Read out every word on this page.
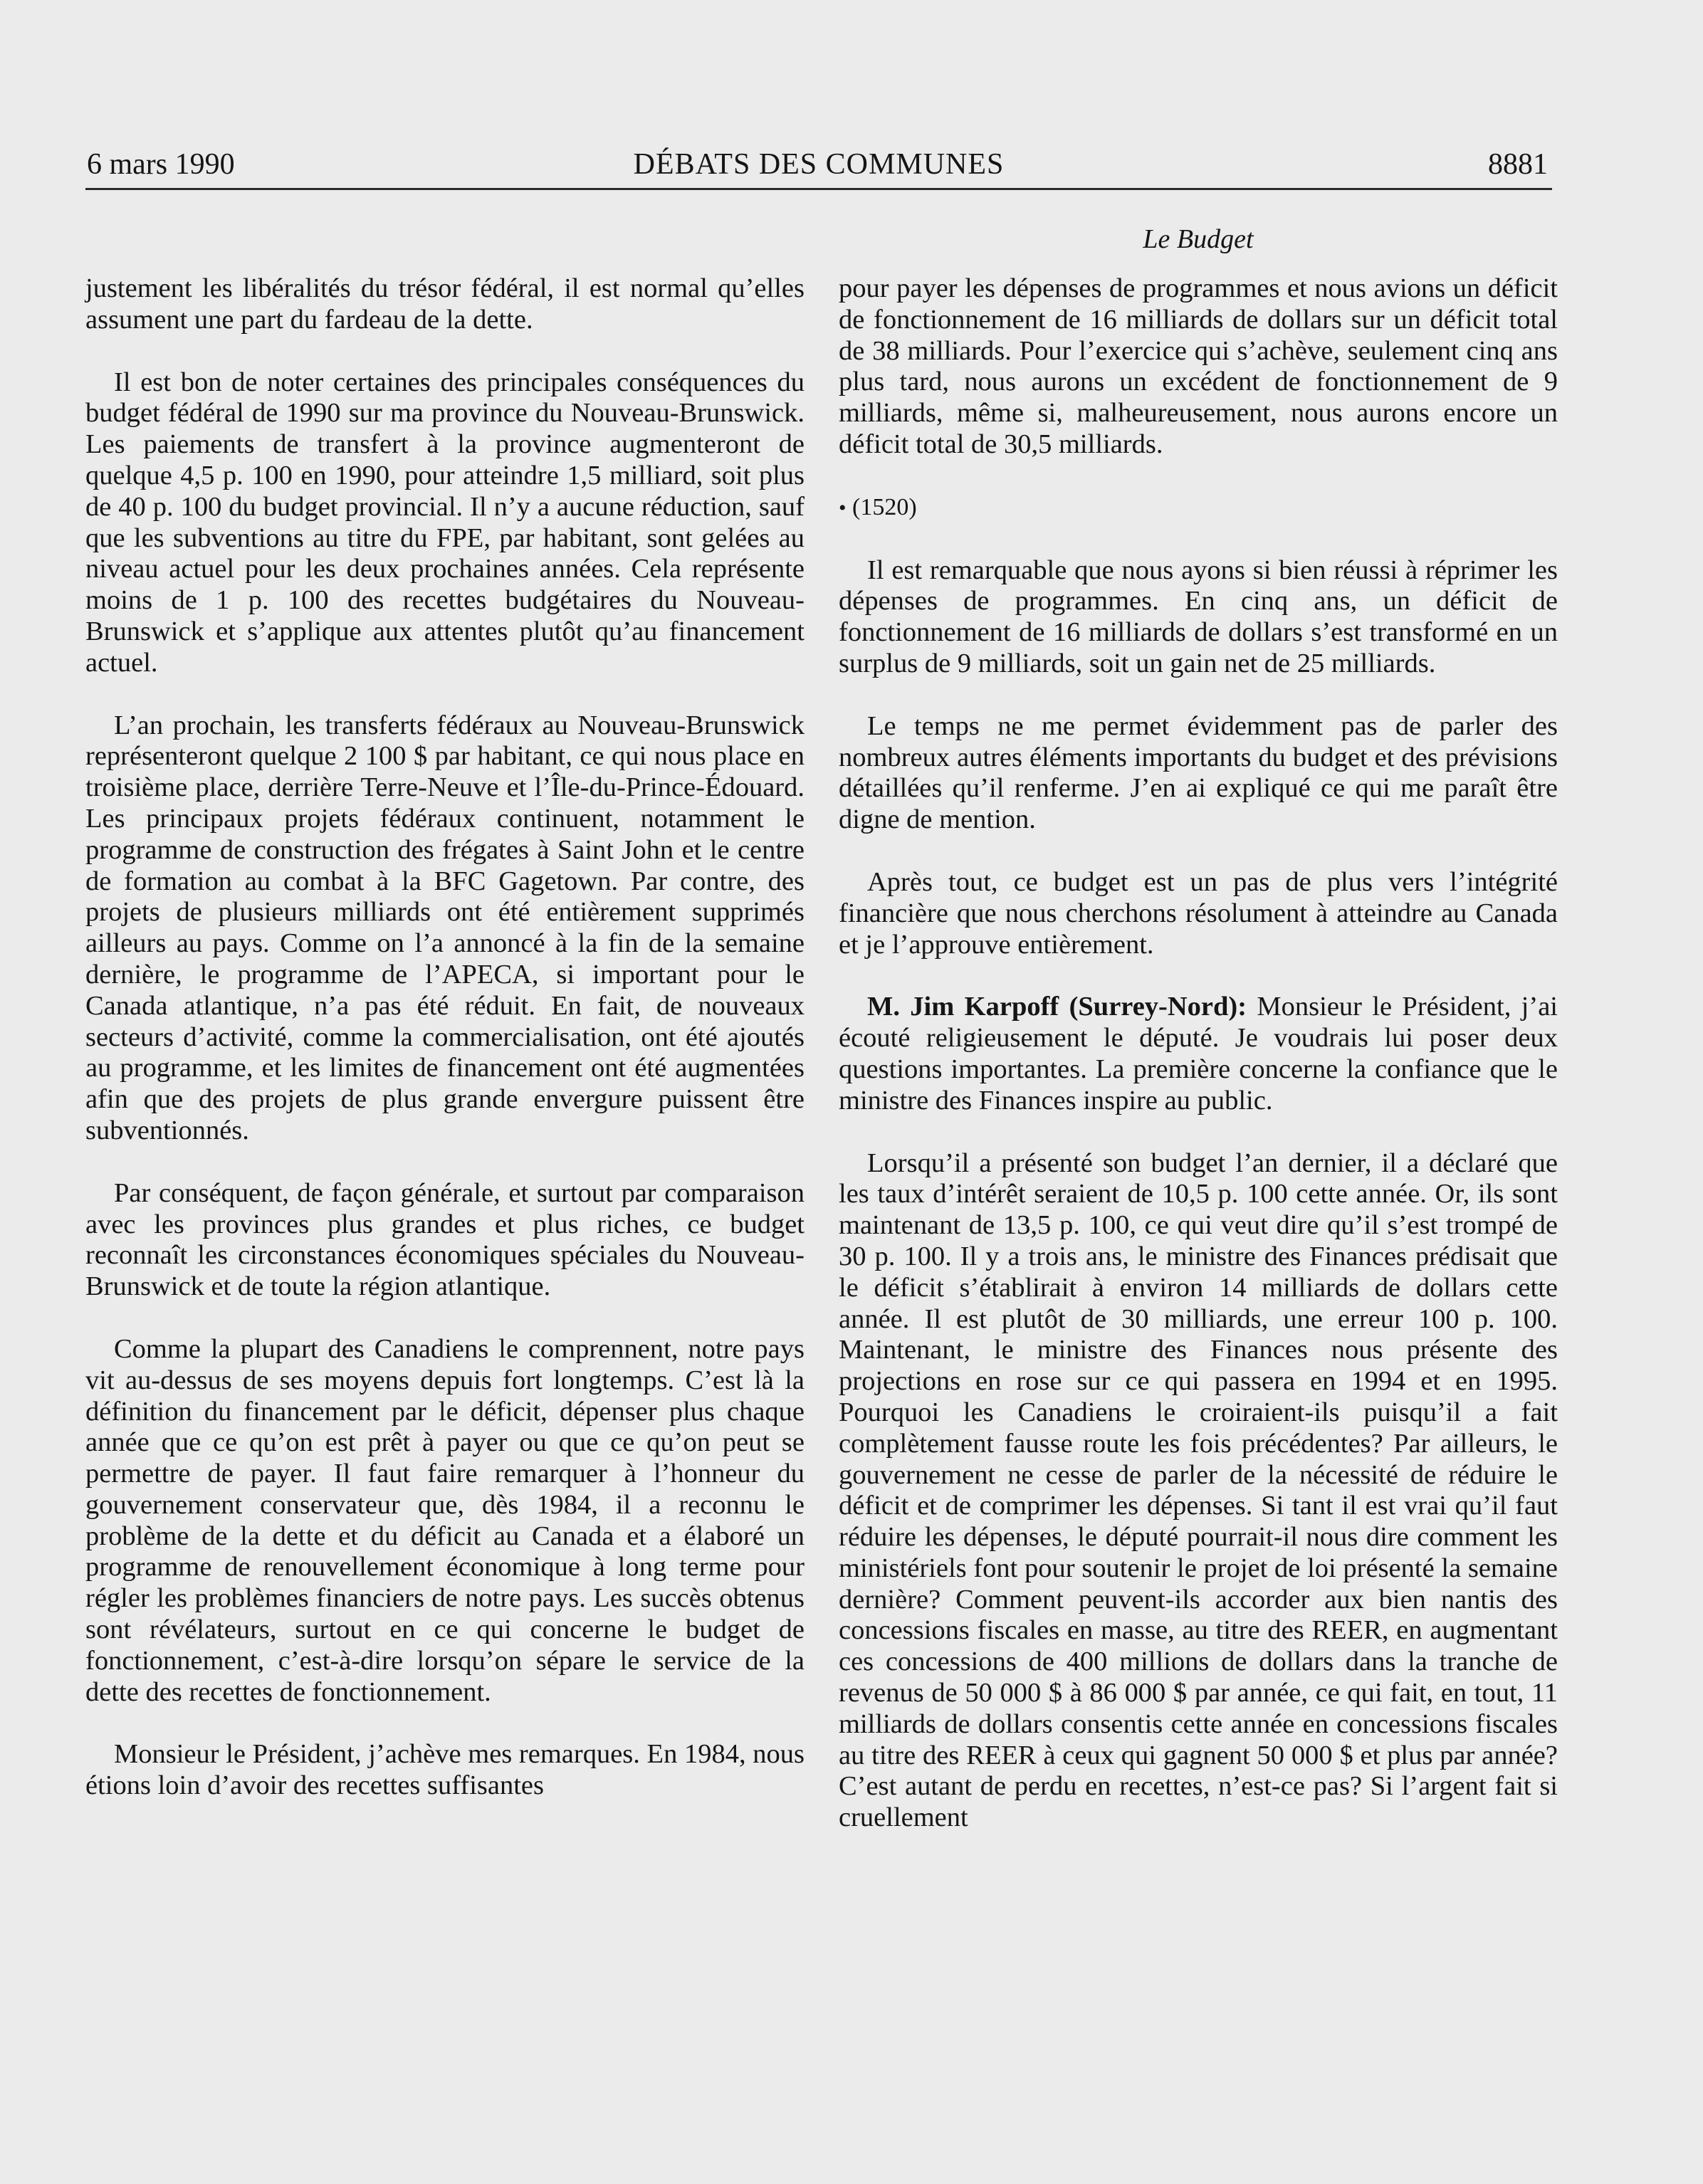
6 mars 1990	DÉBATS DES COMMUNES	8881
Le Budget

justement les libéralités du trésor fédéral, il est normal qu’elles assument une part du fardeau de la dette.

Il est bon de noter certaines des principales conséquences du budget fédéral de 1990 sur ma province du Nouveau-Brunswick. Les paiements de transfert à la province augmenteront de quelque 4,5 p. 100 en 1990, pour atteindre 1,5 milliard, soit plus de 40 p. 100 du budget provincial. Il n’y a aucune réduction, sauf que les subventions au titre du FPE, par habitant, sont gelées au niveau actuel pour les deux prochaines années. Cela représente moins de 1 p. 100 des recettes budgétaires du Nouveau-Brunswick et s’applique aux attentes plutôt qu’au financement actuel.

L’an prochain, les transferts fédéraux au Nouveau-Brunswick représenteront quelque 2 100 $ par habitant, ce qui nous place en troisième place, derrière Terre-Neuve et l’Île-du-Prince-Édouard. Les principaux projets fédéraux continuent, notamment le programme de construction des frégates à Saint John et le centre de formation au combat à la BFC Gagetown. Par contre, des projets de plusieurs milliards ont été entièrement supprimés ailleurs au pays. Comme on l’a annoncé à la fin de la semaine dernière, le programme de l’APECA, si important pour le Canada atlantique, n’a pas été réduit. En fait, de nouveaux secteurs d’activité, comme la commercialisation, ont été ajoutés au programme, et les limites de financement ont été augmentées afin que des projets de plus grande envergure puissent être subventionnés.

Par conséquent, de façon générale, et surtout par comparaison avec les provinces plus grandes et plus riches, ce budget reconnaît les circonstances économiques spéciales du Nouveau-Brunswick et de toute la région atlantique.

Comme la plupart des Canadiens le comprennent, notre pays vit au-dessus de ses moyens depuis fort longtemps. C’est là la définition du financement par le déficit, dépenser plus chaque année que ce qu’on est prêt à payer ou que ce qu’on peut se permettre de payer. Il faut faire remarquer à l’honneur du gouvernement conservateur que, dès 1984, il a reconnu le problème de la dette et du déficit au Canada et a élaboré un programme de renouvellement économique à long terme pour régler les problèmes financiers de notre pays. Les succès obtenus sont révélateurs, surtout en ce qui concerne le budget de fonctionnement, c’est-à-dire lorsqu’on sépare le service de la dette des recettes de fonctionnement.

Monsieur le Président, j’achève mes remarques. En 1984, nous étions loin d’avoir des recettes suffisantes

pour payer les dépenses de programmes et nous avions un déficit de fonctionnement de 16 milliards de dollars sur un déficit total de 38 milliards. Pour l’exercice qui s’achève, seulement cinq ans plus tard, nous aurons un excédent de fonctionnement de 9 milliards, même si, malheureusement, nous aurons encore un déficit total de 30,5 milliards.

• (1520)

Il est remarquable que nous ayons si bien réussi à réprimer les dépenses de programmes. En cinq ans, un déficit de fonctionnement de 16 milliards de dollars s’est transformé en un surplus de 9 milliards, soit un gain net de 25 milliards.

Le temps ne me permet évidemment pas de parler des nombreux autres éléments importants du budget et des prévisions détaillées qu’il renferme. J’en ai expliqué ce qui me paraît être digne de mention.

Après tout, ce budget est un pas de plus vers l’intégrité financière que nous cherchons résolument à atteindre au Canada et je l’approuve entièrement.

M. Jim Karpoff (Surrey-Nord): Monsieur le Président, j’ai écouté religieusement le député. Je voudrais lui poser deux questions importantes. La première concerne la confiance que le ministre des Finances inspire au public.

Lorsqu’il a présenté son budget l’an dernier, il a déclaré que les taux d’intérêt seraient de 10,5 p. 100 cette année. Or, ils sont maintenant de 13,5 p. 100, ce qui veut dire qu’il s’est trompé de 30 p. 100. Il y a trois ans, le ministre des Finances prédisait que le déficit s’établirait à environ 14 milliards de dollars cette année. Il est plutôt de 30 milliards, une erreur 100 p. 100. Maintenant, le ministre des Finances nous présente des projections en rose sur ce qui passera en 1994 et en 1995. Pourquoi les Canadiens le croiraient-ils puisqu’il a fait complètement fausse route les fois précédentes? Par ailleurs, le gouvernement ne cesse de parler de la nécessité de réduire le déficit et de comprimer les dépenses. Si tant il est vrai qu’il faut réduire les dépenses, le député pourrait-il nous dire comment les ministériels font pour soutenir le projet de loi présenté la semaine dernière? Comment peuvent-ils accorder aux bien nantis des concessions fiscales en masse, au titre des REER, en augmentant ces concessions de 400 millions de dollars dans la tranche de revenus de 50 000 $ à 86 000 $ par année, ce qui fait, en tout, 11 milliards de dollars consentis cette année en concessions fiscales au titre des REER à ceux qui gagnent 50 000 $ et plus par année? C’est autant de perdu en recettes, n’est-ce pas? Si l’argent fait si cruellement
